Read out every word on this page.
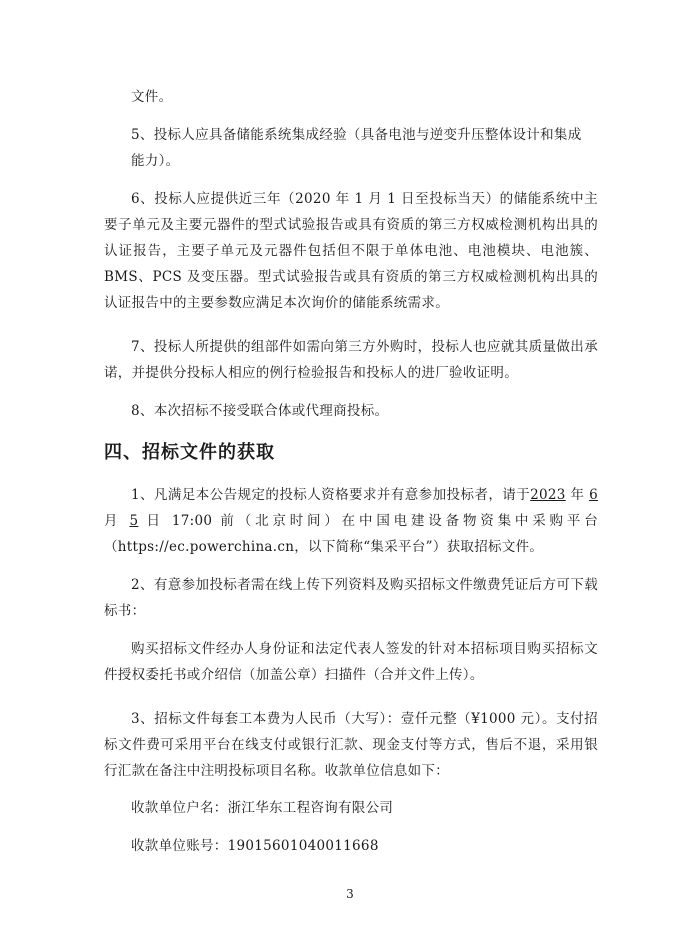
文件。
5、投标人应具备储能系统集成经验（具备电池与逆变升压整体设计和集成
能力）。
6、投标人应提供近三年（2020 年 1 月 1 日至投标当天）的储能系统中主要子单元及主要元器件的型式试验报告或具有资质的第三方权威检测机构出具的认证报告，主要子单元及元器件包括但不限于单体电池、电池模块、电池簇、BMS、PCS 及变压器。型式试验报告或具有资质的第三方权威检测机构出具的认证报告中的主要参数应满足本次询价的储能系统需求。
7、投标人所提供的组部件如需向第三方外购时，投标人也应就其质量做出承诺，并提供分投标人相应的例行检验报告和投标人的进厂验收证明。
8、本次招标不接受联合体或代理商投标。
四、招标文件的获取
1、凡满足本公告规定的投标人资格要求并有意参加投标者，请于2023 年 6 月 5 日 17:00 前（北京时间）在中国电建设备物资集中采购平台（https://ec.powerchina.cn，以下简称“集采平台”）获取招标文件。
2、有意参加投标者需在线上传下列资料及购买招标文件缴费凭证后方可下载标书：
购买招标文件经办人身份证和法定代表人签发的针对本招标项目购买招标文件授权委托书或介绍信（加盖公章）扫描件（合并文件上传）。
3、招标文件每套工本费为人民币（大写）：壹仟元整（¥1000 元）。支付招标文件费可采用平台在线支付或银行汇款、现金支付等方式，售后不退，采用银行汇款在备注中注明投标项目名称。收款单位信息如下：
收款单位户名：浙江华东工程咨询有限公司
收款单位账号：19015601040011668
3
